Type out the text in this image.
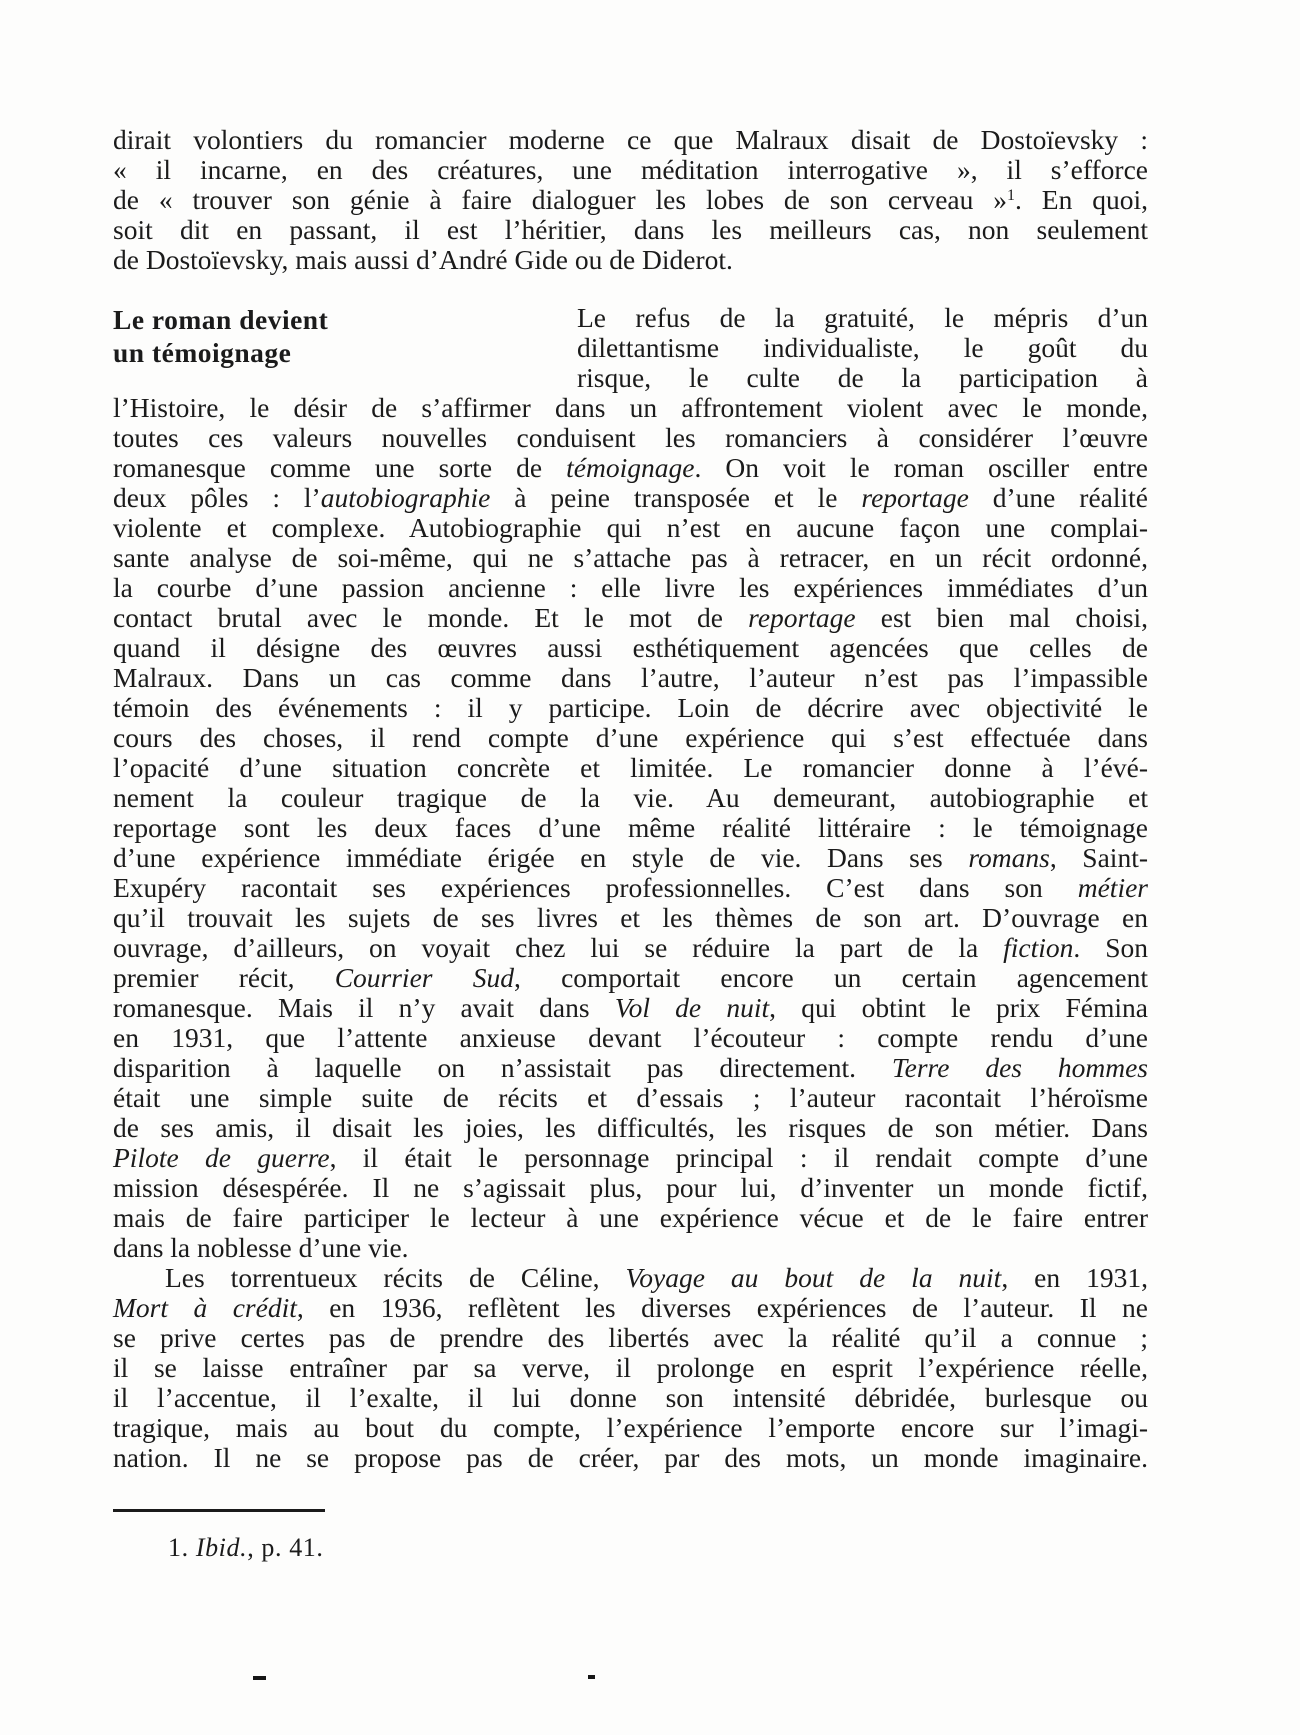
dirait volontiers du romancier moderne ce que Malraux disait de Dostoïevsky :
« il incarne, en des créatures, une méditation interrogative », il s’efforce
de « trouver son génie à faire dialoguer les lobes de son cerveau »$^1$. En quoi,
soit dit en passant, il est l’héritier, dans les meilleurs cas, non seulement
de Dostoïevsky, mais aussi d’André Gide ou de Diderot.
Le roman devient
un témoignage
Le refus de la gratuité, le mépris d’un
dilettantisme individualiste, le goût du
risque, le culte de la participation à
l’Histoire, le désir de s’affirmer dans un affrontement violent avec le monde,
toutes ces valeurs nouvelles conduisent les romanciers à considérer l’œuvre
romanesque comme une sorte de témoignage. On voit le roman osciller entre
deux pôles : l’autobiographie à peine transposée et le reportage d’une réalité
violente et complexe. Autobiographie qui n’est en aucune façon une complai-
sante analyse de soi-même, qui ne s’attache pas à retracer, en un récit ordonné,
la courbe d’une passion ancienne : elle livre les expériences immédiates d’un
contact brutal avec le monde. Et le mot de reportage est bien mal choisi,
quand il désigne des œuvres aussi esthétiquement agencées que celles de
Malraux. Dans un cas comme dans l’autre, l’auteur n’est pas l’impassible
témoin des événements : il y participe. Loin de décrire avec objectivité le
cours des choses, il rend compte d’une expérience qui s’est effectuée dans
l’opacité d’une situation concrète et limitée. Le romancier donne à l’évé-
nement la couleur tragique de la vie. Au demeurant, autobiographie et
reportage sont les deux faces d’une même réalité littéraire : le témoignage
d’une expérience immédiate érigée en style de vie. Dans ses romans, Saint-
Exupéry racontait ses expériences professionnelles. C’est dans son métier
qu’il trouvait les sujets de ses livres et les thèmes de son art. D’ouvrage en
ouvrage, d’ailleurs, on voyait chez lui se réduire la part de la fiction. Son
premier récit, Courrier Sud, comportait encore un certain agencement
romanesque. Mais il n’y avait dans Vol de nuit, qui obtint le prix Fémina
en 1931, que l’attente anxieuse devant l’écouteur : compte rendu d’une
disparition à laquelle on n’assistait pas directement. Terre des hommes
était une simple suite de récits et d’essais ; l’auteur racontait l’héroïsme
de ses amis, il disait les joies, les difficultés, les risques de son métier. Dans
Pilote de guerre, il était le personnage principal : il rendait compte d’une
mission désespérée. Il ne s’agissait plus, pour lui, d’inventer un monde fictif,
mais de faire participer le lecteur à une expérience vécue et de le faire entrer
dans la noblesse d’une vie.
Les torrentueux récits de Céline, Voyage au bout de la nuit, en 1931,
Mort à crédit, en 1936, reflètent les diverses expériences de l’auteur. Il ne
se prive certes pas de prendre des libertés avec la réalité qu’il a connue ;
il se laisse entraîner par sa verve, il prolonge en esprit l’expérience réelle,
il l’accentue, il l’exalte, il lui donne son intensité débridée, burlesque ou
tragique, mais au bout du compte, l’expérience l’emporte encore sur l’imagi-
nation. Il ne se propose pas de créer, par des mots, un monde imaginaire.
1. Ibid., p. 41.
